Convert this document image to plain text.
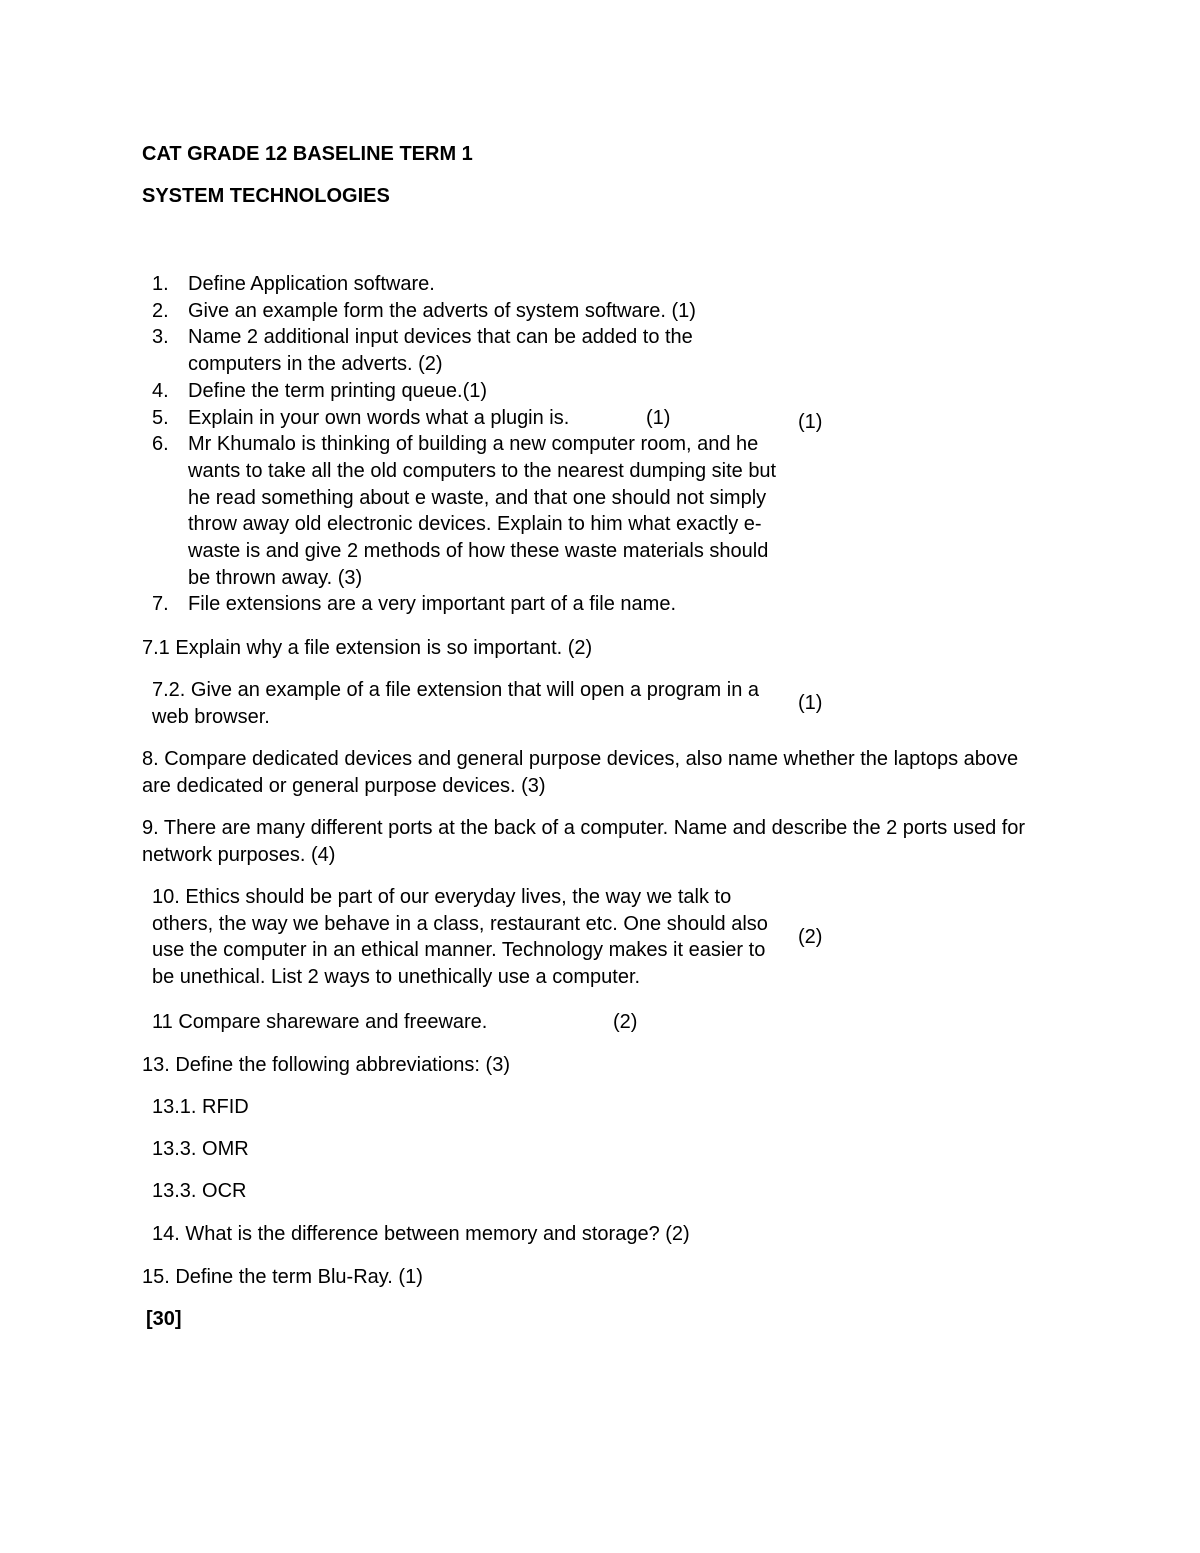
CAT GRADE 12 BASELINE TERM 1
SYSTEM TECHNOLOGIES
1. Define Application software.
2. Give an example form the adverts of system software. (1)
3. Name 2 additional input devices that can be added to the computers in the adverts. (2)
4. Define the term printing queue.(1)
5. Explain in your own words what a plugin is.	(1)
6. Mr Khumalo is thinking of building a new computer room, and he wants to take all the old computers to the nearest dumping site but he read something about e waste, and that one should not simply throw away old electronic devices. Explain to him what exactly e-waste is and give 2 methods of how these waste materials should be thrown away. (3)
7. File extensions are a very important part of a file name.
(1)
7.1 Explain why a file extension is so important. (2)
7.2. Give an example of a file extension that will open a program in a web browser.
(1)
8. Compare dedicated devices and general purpose devices, also name whether the laptops above are dedicated or general purpose devices. (3)
9. There are many different ports at the back of a computer. Name and describe the 2 ports used for network purposes. (4)
10. Ethics should be part of our everyday lives, the way we talk to others, the way we behave in a class, restaurant etc. One should also use the computer in an ethical manner. Technology makes it easier to be unethical. List 2 ways to unethically use a computer.
(2)
11 Compare shareware and freeware.	(2)
13. Define the following abbreviations: (3)
13.1. RFID
13.3. OMR
13.3. OCR
14. What is the difference between memory and storage? (2)
15. Define the term Blu-Ray. (1)
[30]
